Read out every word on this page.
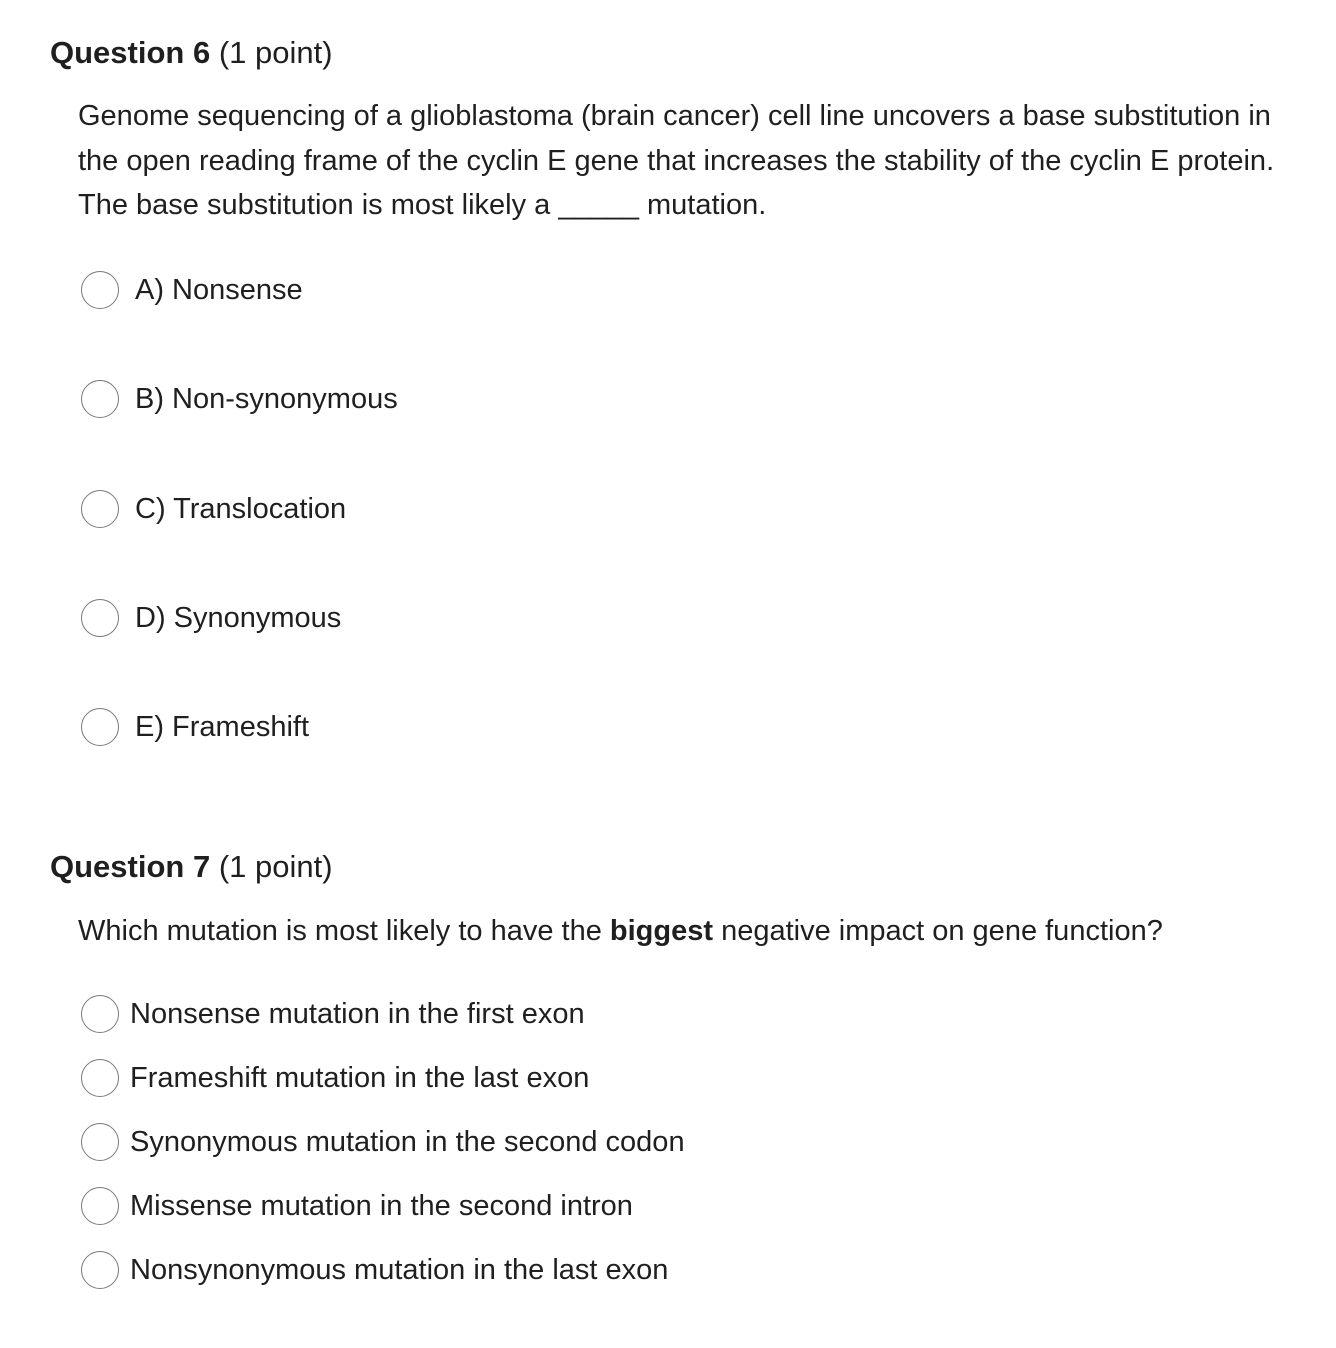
Question 6 (1 point)
Genome sequencing of a glioblastoma (brain cancer) cell line uncovers a base substitution in the open reading frame of the cyclin E gene that increases the stability of the cyclin E protein. The base substitution is most likely a _____ mutation.
A) Nonsense
B) Non-synonymous
C) Translocation
D) Synonymous
E) Frameshift
Question 7 (1 point)
Which mutation is most likely to have the biggest negative impact on gene function?
Nonsense mutation in the first exon
Frameshift mutation in the last exon
Synonymous mutation in the second codon
Missense mutation in the second intron
Nonsynonymous mutation in the last exon
